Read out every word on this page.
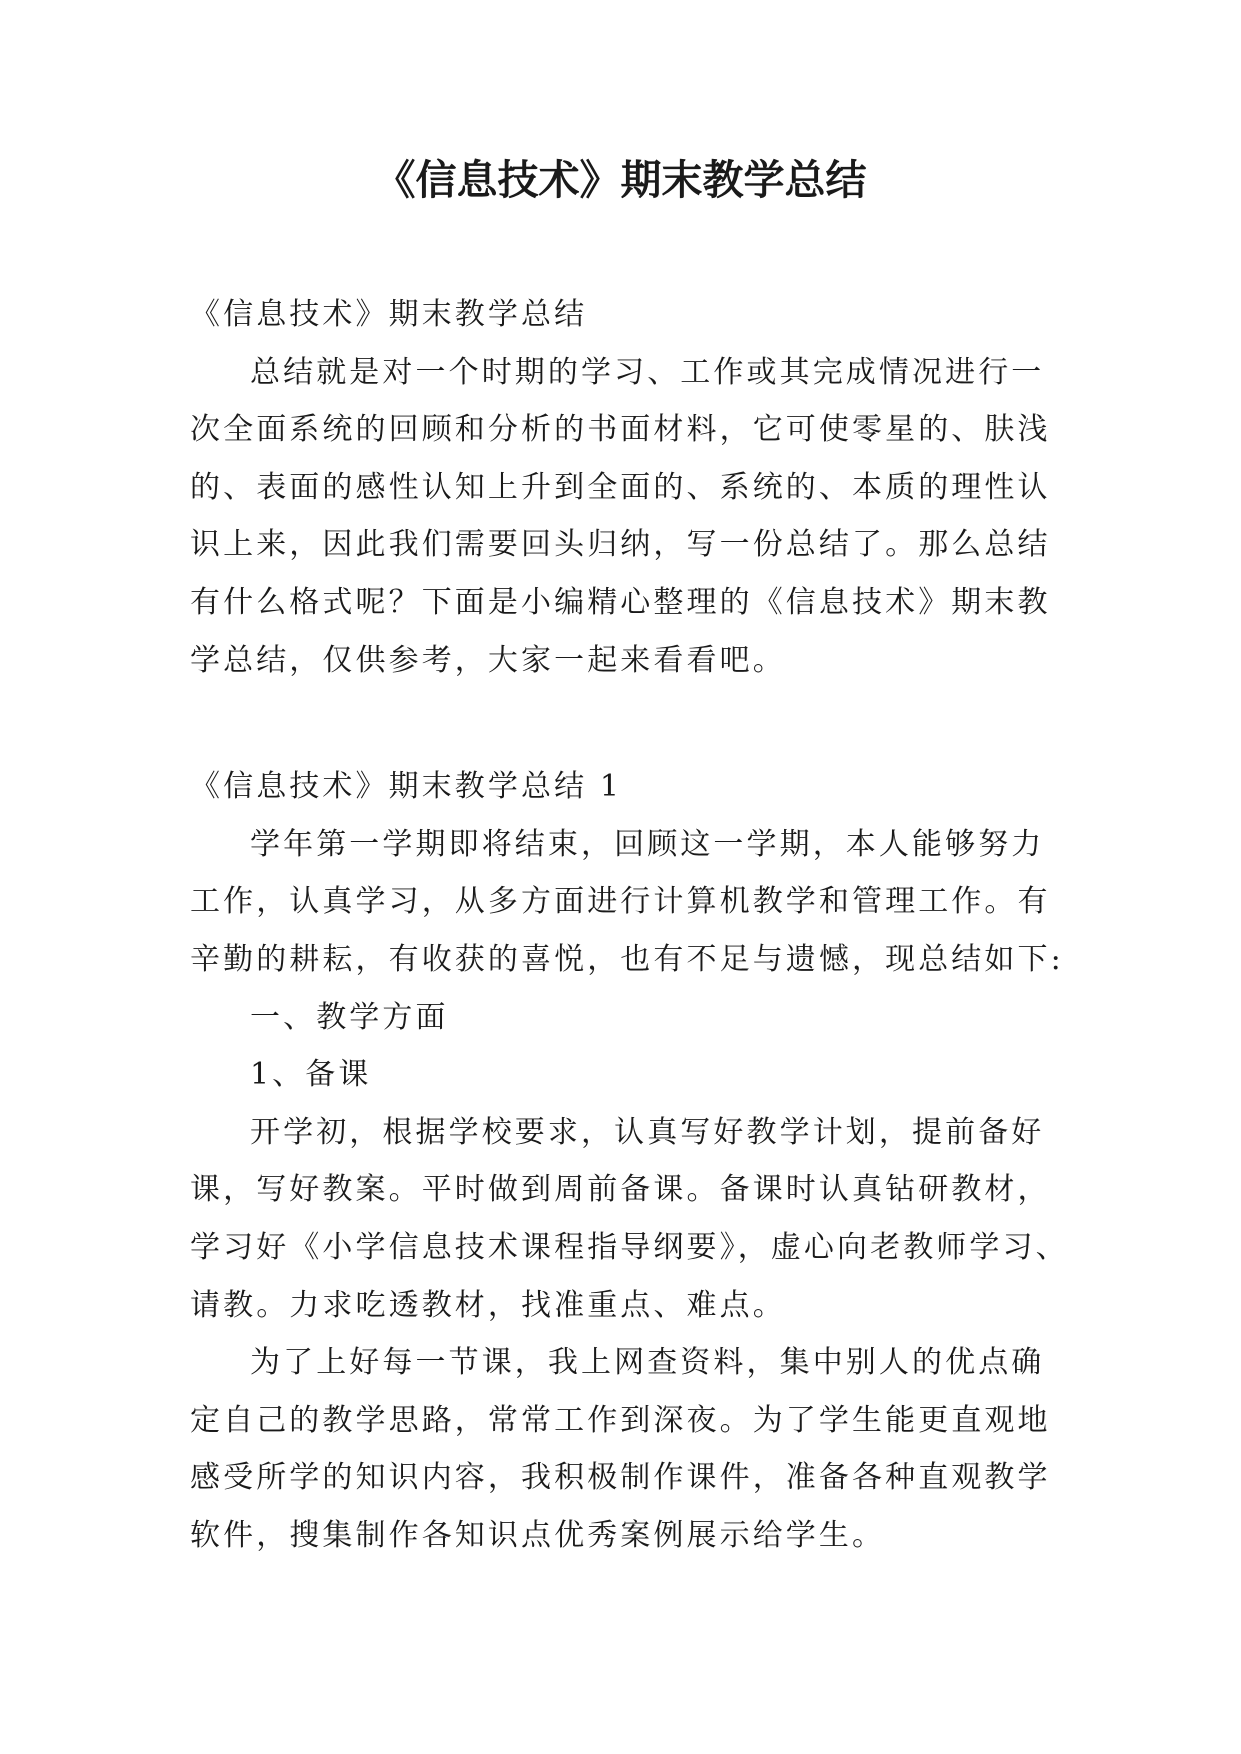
《信息技术》期末教学总结

《信息技术》期末教学总结

总结就是对一个时期的学习、工作或其完成情况进行一次全面系统的回顾和分析的书面材料，它可使零星的、肤浅的、表面的感性认知上升到全面的、系统的、本质的理性认识上来，因此我们需要回头归纳，写一份总结了。那么总结有什么格式呢？下面是小编精心整理的《信息技术》期末教学总结，仅供参考，大家一起来看看吧。

《信息技术》期末教学总结 1

学年第一学期即将结束，回顾这一学期，本人能够努力工作，认真学习，从多方面进行计算机教学和管理工作。有辛勤的耕耘，有收获的喜悦，也有不足与遗憾，现总结如下:

一、教学方面

1、备课

开学初，根据学校要求，认真写好教学计划，提前备好课，写好教案。平时做到周前备课。备课时认真钻研教材，学习好《小学信息技术课程指导纲要》，虚心向老教师学习、请教。力求吃透教材，找准重点、难点。

为了上好每一节课，我上网查资料，集中别人的优点确定自己的教学思路，常常工作到深夜。为了学生能更直观地感受所学的知识内容，我积极制作课件，准备各种直观教学软件，搜集制作各知识点优秀案例展示给学生。
